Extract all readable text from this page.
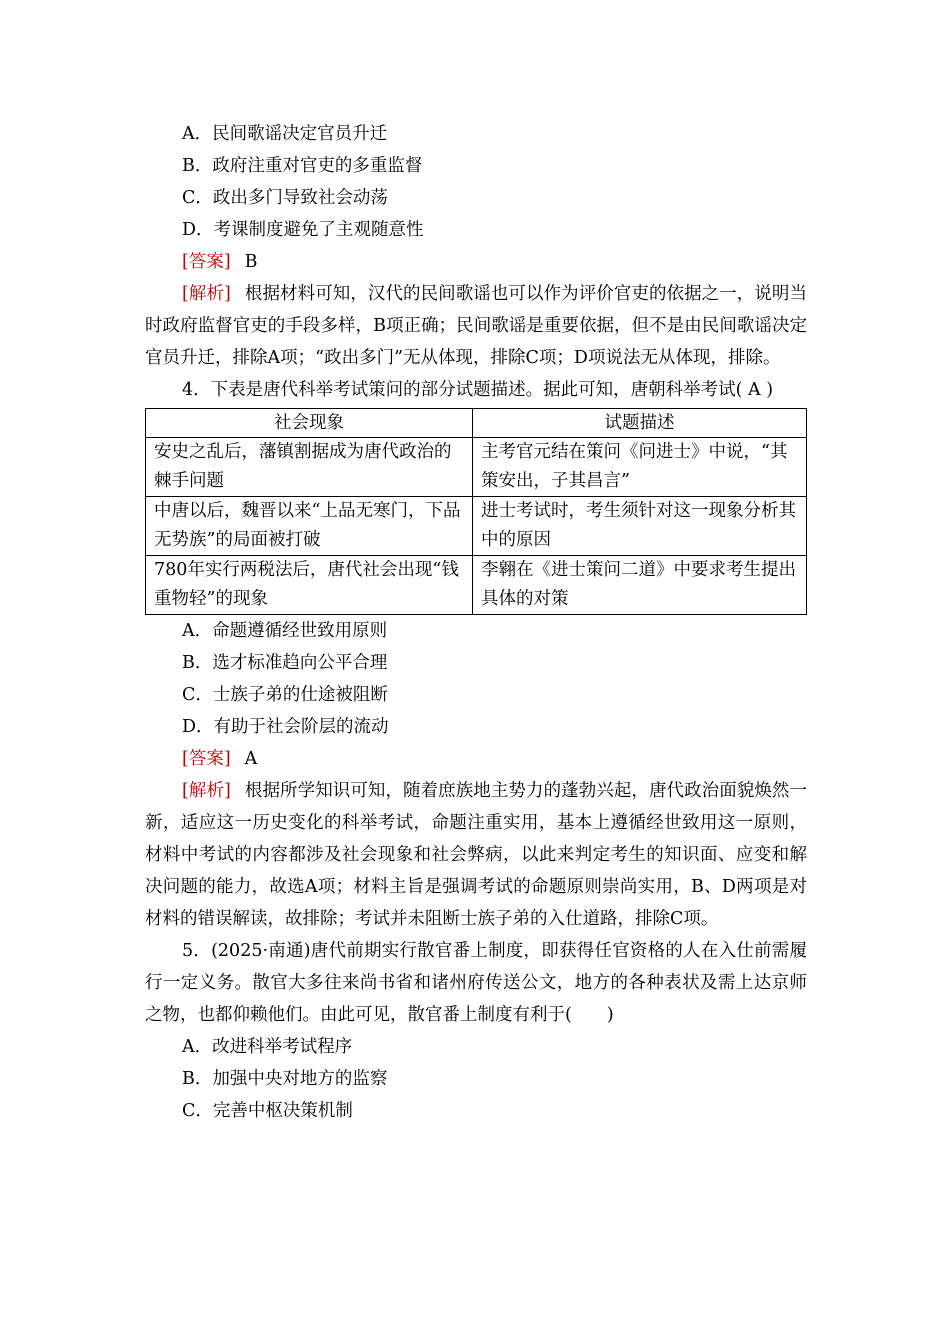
A．民间歌谣决定官员升迁
B．政府注重对官吏的多重监督
C．政出多门导致社会动荡
D．考课制度避免了主观随意性
[答案] B
[解析] 根据材料可知，汉代的民间歌谣也可以作为评价官吏的依据之一，说明当时政府监督官吏的手段多样，B项正确；民间歌谣是重要依据，但不是由民间歌谣决定官员升迁，排除A项；“政出多门”无从体现，排除C项；D项说法无从体现，排除。
4．下表是唐代科举考试策问的部分试题描述。据此可知，唐朝科举考试( A )
社会现象	试题描述
安史之乱后，藩镇割据成为唐代政治的棘手问题	主考官元结在策问《问进士》中说，“其策安出，子其昌言”
中唐以后，魏晋以来“上品无寒门，下品无势族”的局面被打破	进士考试时，考生须针对这一现象分析其中的原因
780年实行两税法后，唐代社会出现“钱重物轻”的现象	李翱在《进士策问二道》中要求考生提出具体的对策
A．命题遵循经世致用原则
B．选才标准趋向公平合理
C．士族子弟的仕途被阻断
D．有助于社会阶层的流动
[答案] A
[解析] 根据所学知识可知，随着庶族地主势力的蓬勃兴起，唐代政治面貌焕然一新，适应这一历史变化的科举考试，命题注重实用，基本上遵循经世致用这一原则，材料中考试的内容都涉及社会现象和社会弊病，以此来判定考生的知识面、应变和解决问题的能力，故选A项；材料主旨是强调考试的命题原则崇尚实用，B、D两项是对材料的错误解读，故排除；考试并未阻断士族子弟的入仕道路，排除C项。
5．(2025·南通)唐代前期实行散官番上制度，即获得任官资格的人在入仕前需履行一定义务。散官大多往来尚书省和诸州府传送公文，地方的各种表状及需上达京师之物，也都仰赖他们。由此可见，散官番上制度有利于(　　)
A．改进科举考试程序
B．加强中央对地方的监察
C．完善中枢决策机制
